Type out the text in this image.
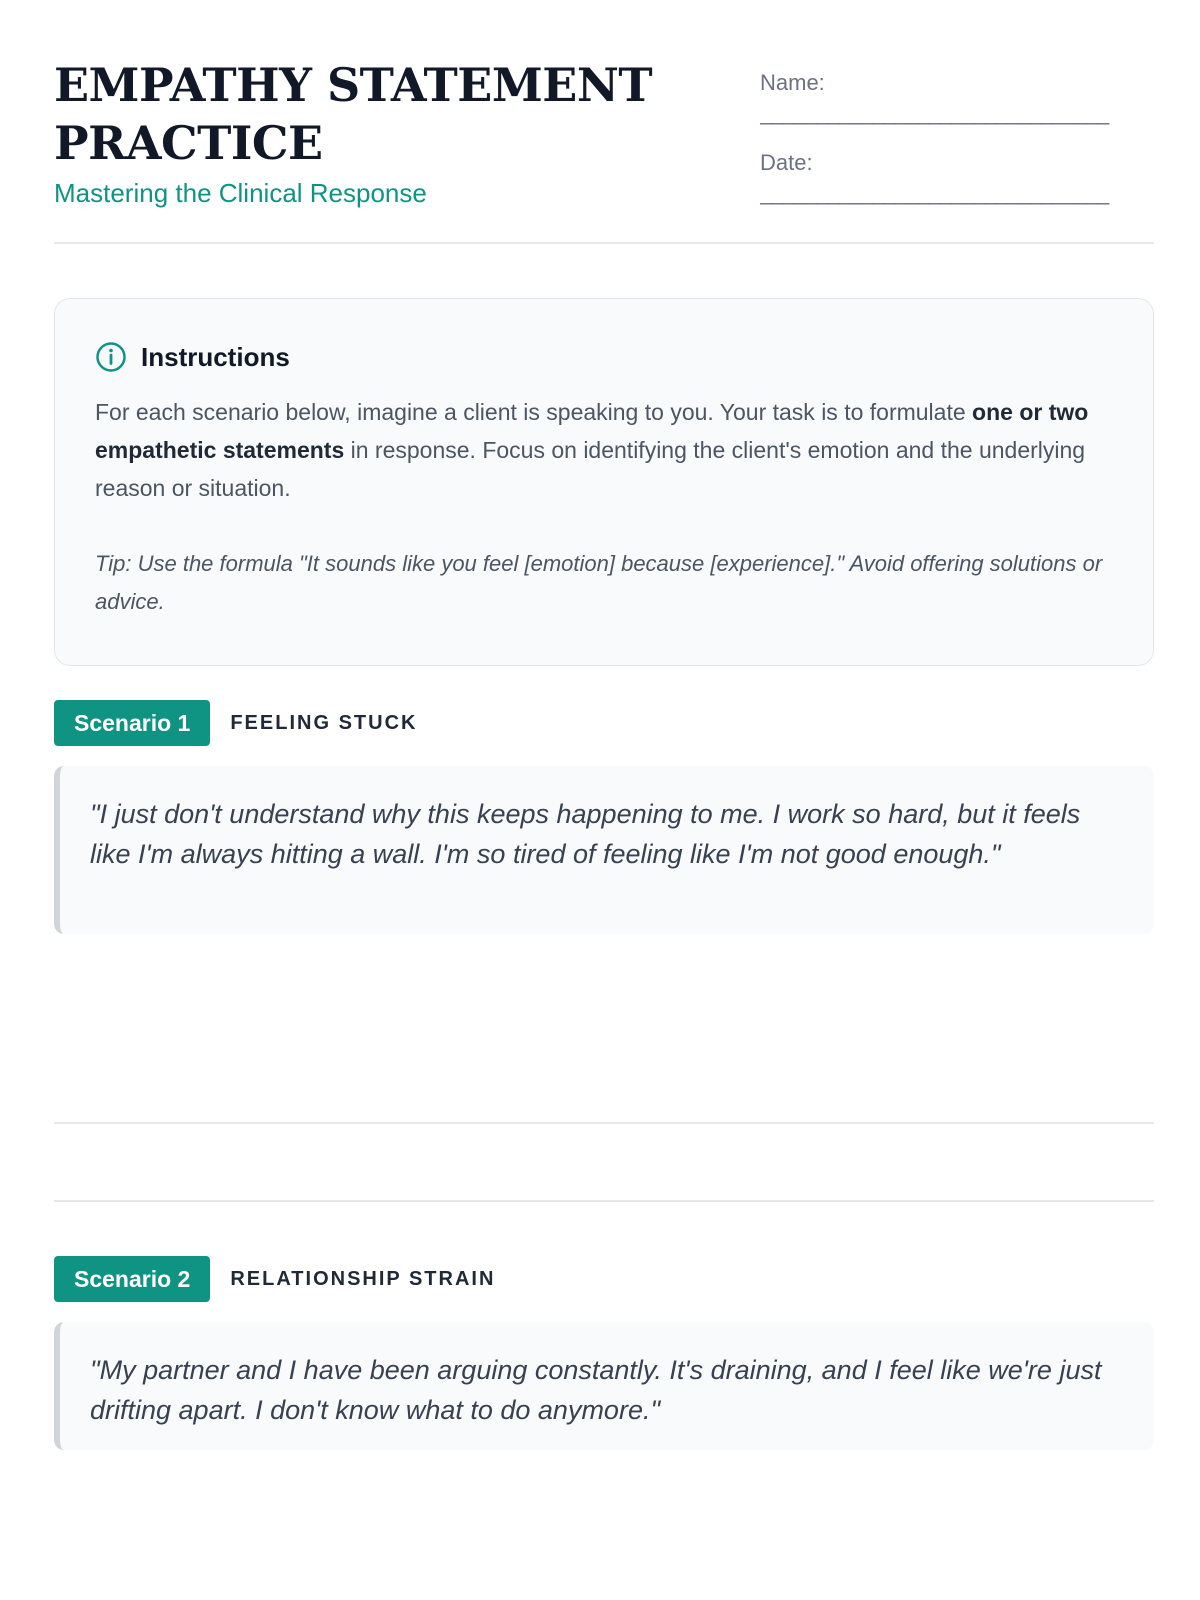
EMPATHY STATEMENT PRACTICE
Mastering the Clinical Response
Name:
_______________________________
Date:
_______________________________
Instructions

For each scenario below, imagine a client is speaking to you. Your task is to formulate one or two empathetic statements in response. Focus on identifying the client's emotion and the underlying reason or situation.

Tip: Use the formula "It sounds like you feel [emotion] because [experience]." Avoid offering solutions or advice.

Scenario 1	FEELING STUCK
"I just don't understand why this keeps happening to me. I work so hard, but it feels like I'm always hitting a wall. I'm so tired of feeling like I'm not good enough."
Scenario 2	RELATIONSHIP STRAIN
"My partner and I have been arguing constantly. It's draining, and I feel like we're just drifting apart. I don't know what to do anymore."
